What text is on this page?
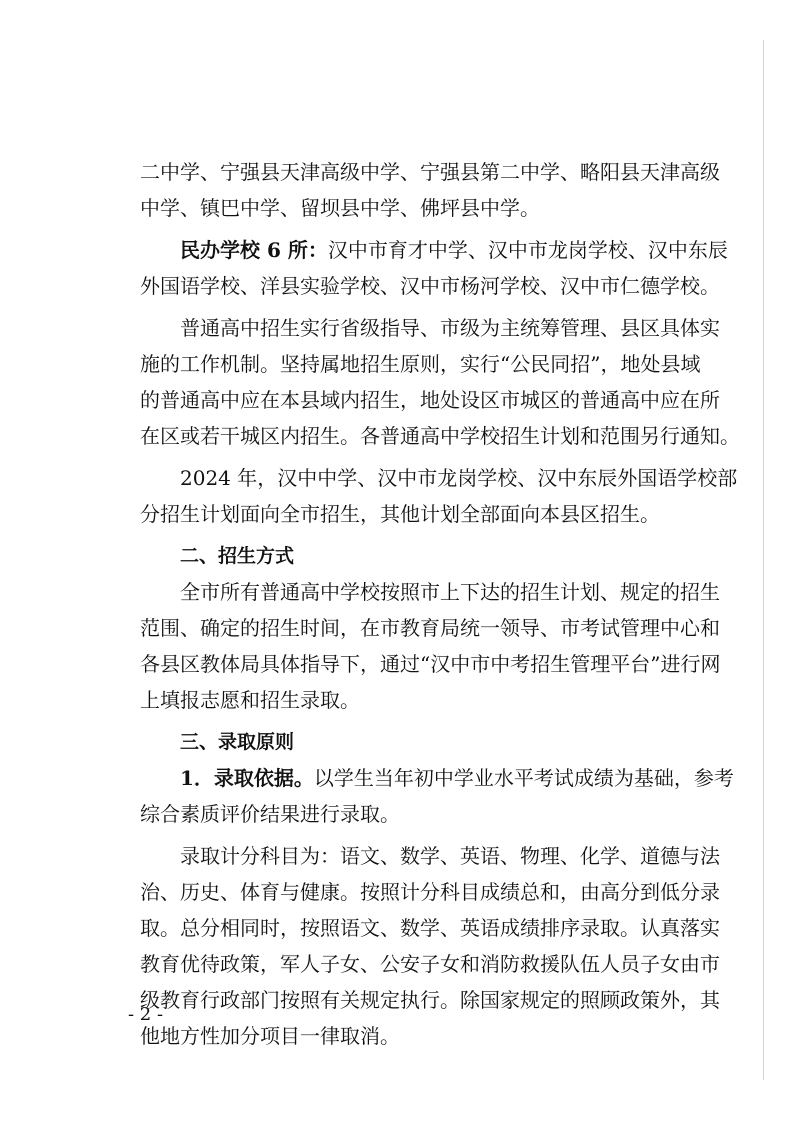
二中学、宁强县天津高级中学、宁强县第二中学、略阳县天津高级
中学、镇巴中学、留坝县中学、佛坪县中学。
民办学校 6 所：汉中市育才中学、汉中市龙岗学校、汉中东辰
外国语学校、洋县实验学校、汉中市杨河学校、汉中市仁德学校。
普通高中招生实行省级指导、市级为主统筹管理、县区具体实
施的工作机制。坚持属地招生原则，实行“公民同招”，地处县域
的普通高中应在本县域内招生，地处设区市城区的普通高中应在所
在区或若干城区内招生。各普通高中学校招生计划和范围另行通知。
2024 年，汉中中学、汉中市龙岗学校、汉中东辰外国语学校部
分招生计划面向全市招生，其他计划全部面向本县区招生。
二、招生方式
全市所有普通高中学校按照市上下达的招生计划、规定的招生
范围、确定的招生时间，在市教育局统一领导、市考试管理中心和
各县区教体局具体指导下，通过“汉中市中考招生管理平台”进行网
上填报志愿和招生录取。
三、录取原则
1．录取依据。以学生当年初中学业水平考试成绩为基础，参考
综合素质评价结果进行录取。
录取计分科目为：语文、数学、英语、物理、化学、道德与法
治、历史、体育与健康。按照计分科目成绩总和，由高分到低分录
取。总分相同时，按照语文、数学、英语成绩排序录取。认真落实
教育优待政策，军人子女、公安子女和消防救援队伍人员子女由市
级教育行政部门按照有关规定执行。除国家规定的照顾政策外，其
他地方性加分项目一律取消。
- 2 -
